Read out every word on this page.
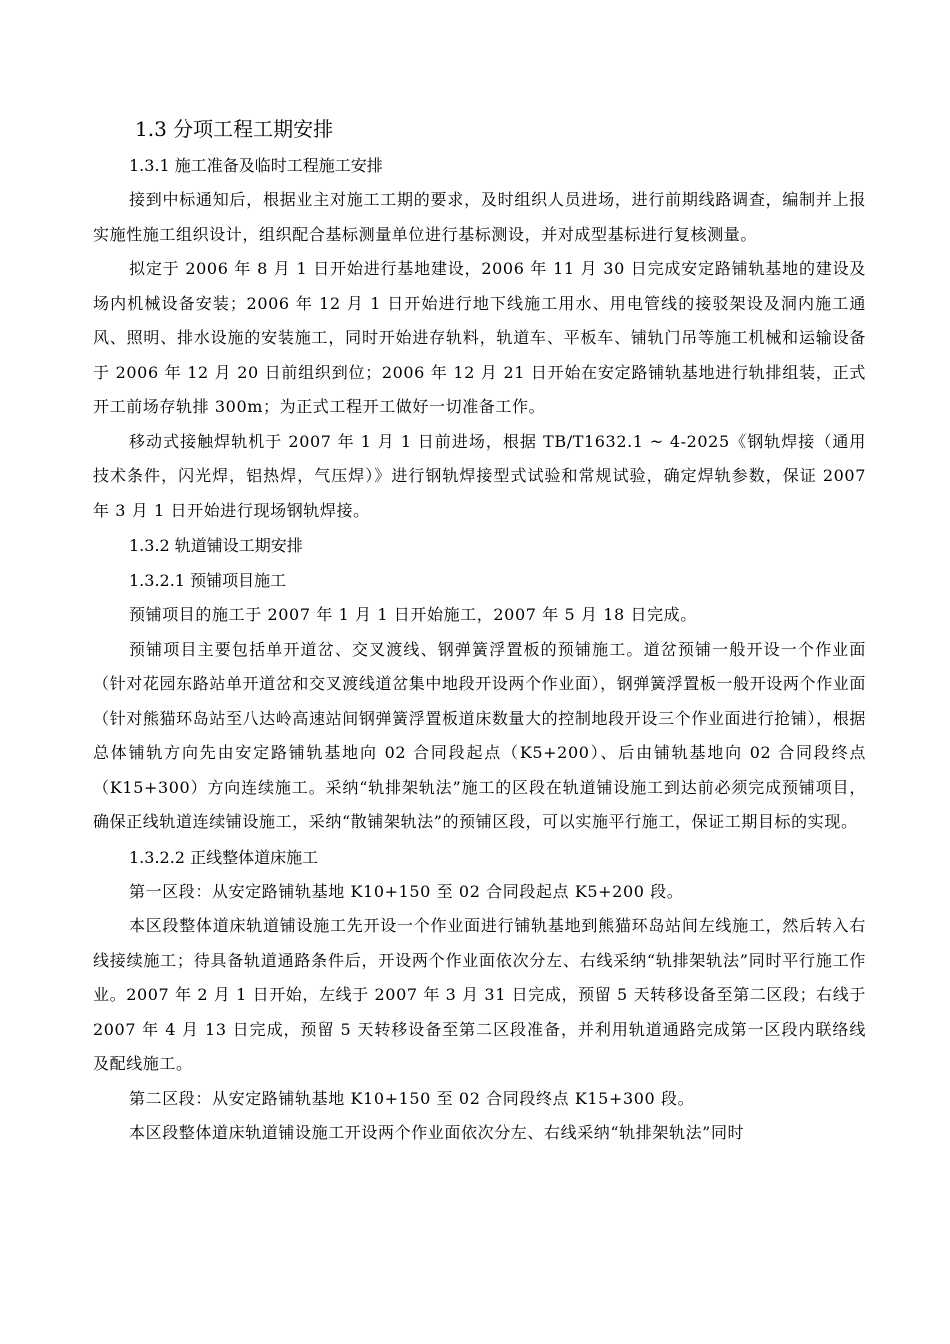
1.3 分项工程工期安排
1.3.1 施工准备及临时工程施工安排

接到中标通知后，根据业主对施工工期的要求，及时组织人员进场，进行前期线路调查，编制并上报实施性施工组织设计，组织配合基标测量单位进行基标测设，并对成型基标进行复核测量。

拟定于 2006 年 8 月 1 日开始进行基地建设，2006 年 11 月 30 日完成安定路铺轨基地的建设及场内机械设备安装；2006 年 12 月 1 日开始进行地下线施工用水、用电管线的接驳架设及洞内施工通风、照明、排水设施的安装施工，同时开始进存轨料，轨道车、平板车、铺轨门吊等施工机械和运输设备于 2006 年 12 月 20 日前组织到位；2006 年 12 月 21 日开始在安定路铺轨基地进行轨排组装，正式开工前场存轨排 300m；为正式工程开工做好一切准备工作。

移动式接触焊轨机于 2007 年 1 月 1 日前进场，根据 TB/T1632.1 ~ 4-2025《钢轨焊接（通用技术条件，闪光焊，铝热焊，气压焊）》进行钢轨焊接型式试验和常规试验，确定焊轨参数，保证 2007 年 3 月 1 日开始进行现场钢轨焊接。

1.3.2 轨道铺设工期安排
1.3.2.1 预铺项目施工

预铺项目的施工于 2007 年 1 月 1 日开始施工，2007 年 5 月 18 日完成。

预铺项目主要包括单开道岔、交叉渡线、钢弹簧浮置板的预铺施工。道岔预铺一般开设一个作业面（针对花园东路站单开道岔和交叉渡线道岔集中地段开设两个作业面），钢弹簧浮置板一般开设两个作业面（针对熊猫环岛站至八达岭高速站间钢弹簧浮置板道床数量大的控制地段开设三个作业面进行抢铺），根据总体铺轨方向先由安定路铺轨基地向 02 合同段起点（K5+200）、后由铺轨基地向 02 合同段终点（K15+300）方向连续施工。采纳“轨排架轨法”施工的区段在轨道铺设施工到达前必须完成预铺项目，确保正线轨道连续铺设施工，采纳“散铺架轨法”的预铺区段，可以实施平行施工，保证工期目标的实现。

1.3.2.2 正线整体道床施工

第一区段：从安定路铺轨基地 K10+150 至 02 合同段起点 K5+200 段。

本区段整体道床轨道铺设施工先开设一个作业面进行铺轨基地到熊猫环岛站间左线施工，然后转入右线接续施工；待具备轨道通路条件后，开设两个作业面依次分左、右线采纳“轨排架轨法”同时平行施工作业。2007 年 2 月 1 日开始，左线于 2007 年 3 月 31 日完成，预留 5 天转移设备至第二区段；右线于 2007 年 4 月 13 日完成，预留 5 天转移设备至第二区段准备，并利用轨道通路完成第一区段内联络线及配线施工。

第二区段：从安定路铺轨基地 K10+150 至 02 合同段终点 K15+300 段。

本区段整体道床轨道铺设施工开设两个作业面依次分左、右线采纳“轨排架轨法”同时
